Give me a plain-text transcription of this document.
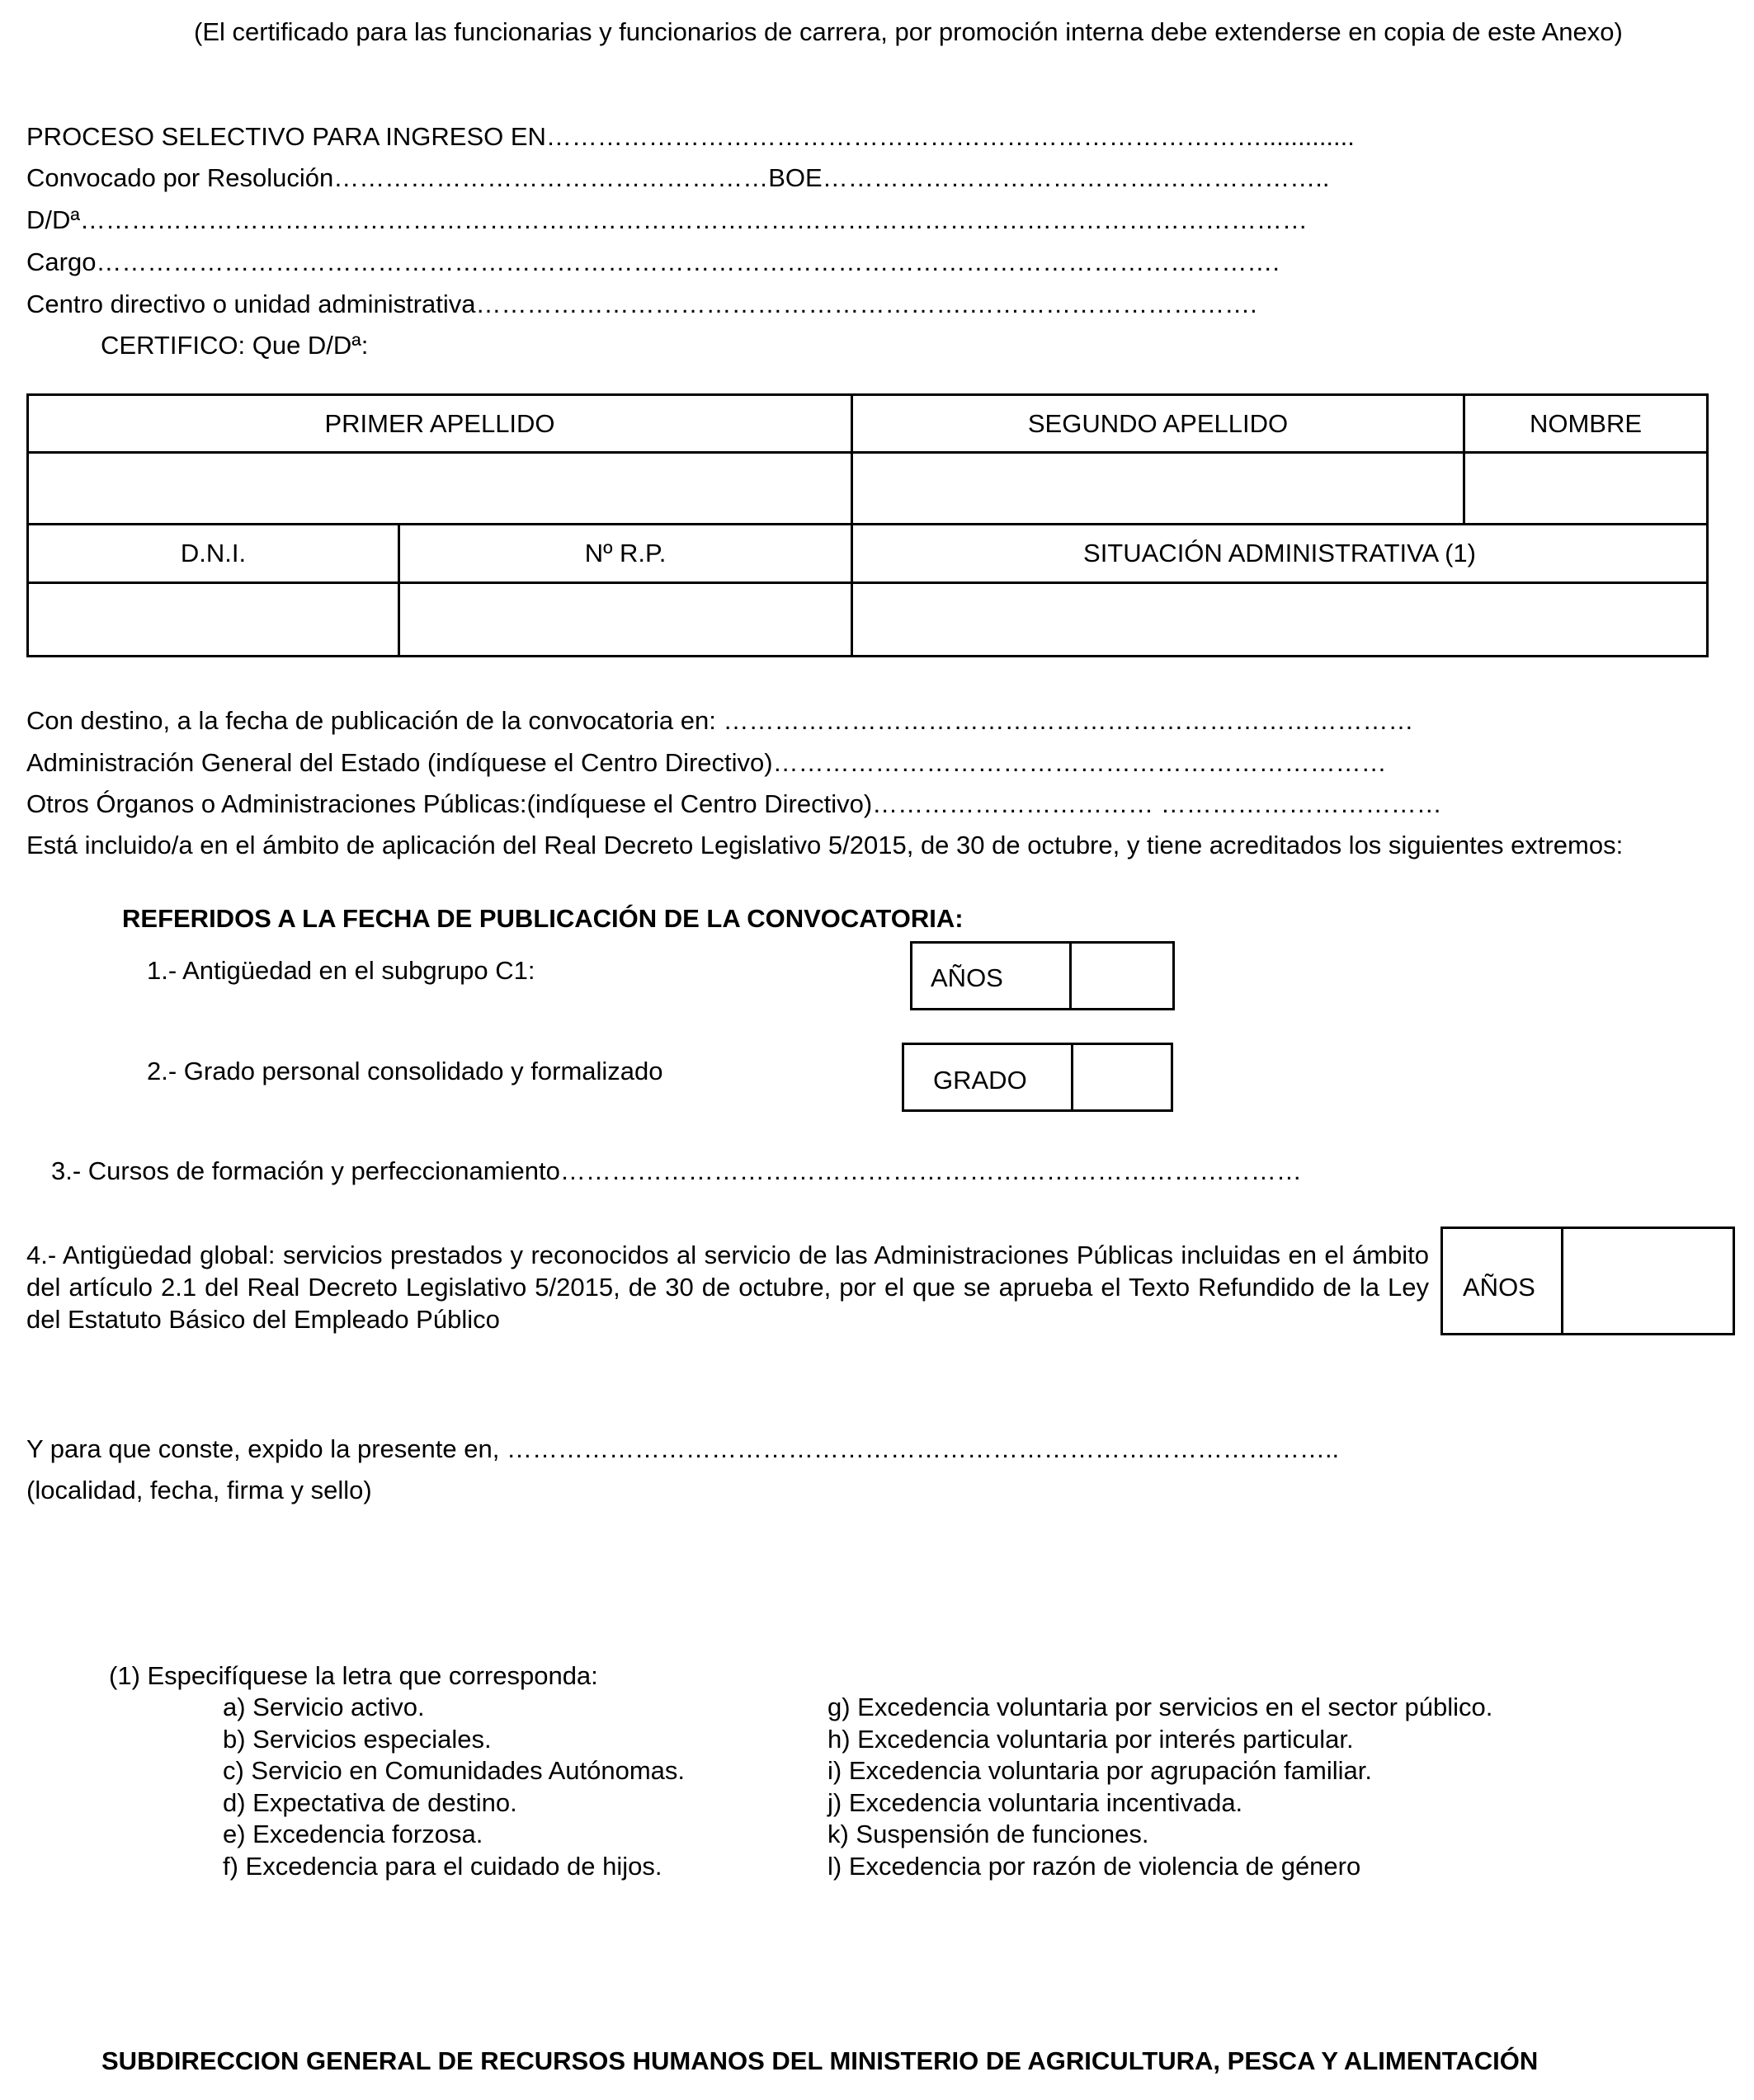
(El certificado para las funcionarias y funcionarios de carrera, por promoción interna debe extenderse en copia de este Anexo)
PROCESO SELECTIVO PARA INGRESO EN………………………………………………………………………….............
Convocado por Resolución……………………………………………BOE………………………………….………………..
D/Dª………………………………………………………………………………………………………………………………
Cargo………………………………………………………………………………………………………………………….
Centro directivo o unidad administrativa………………………………………………….…………………………….
CERTIFICO: Que D/Dª:
PRIMER APELLIDO	SEGUNDO APELLIDO	NOMBRE
D.N.I.	Nº R.P.	SITUACIÓN ADMINISTRATIVA (1)
Con destino, a la fecha de publicación de la convocatoria en: ………………………………………………………………………
Administración General del Estado (indíquese el Centro Directivo)………………………………………………………………
Otros Órganos o Administraciones Públicas:(indíquese el Centro Directivo)…………………………… ……………………………
Está incluido/a en el ámbito de aplicación del Real Decreto Legislativo 5/2015, de 30 de octubre, y tiene acreditados los siguientes extremos:
REFERIDOS A LA FECHA DE PUBLICACIÓN DE LA CONVOCATORIA:
1.- Antigüedad en el subgrupo C1:	AÑOS
2.- Grado personal consolidado y formalizado	GRADO
3.- Cursos de formación y perfeccionamiento……………………………………………………………………………
4.- Antigüedad global: servicios prestados y reconocidos al servicio de las Administraciones Públicas incluidas en el ámbito del artículo 2.1 del Real Decreto Legislativo 5/2015, de 30 de octubre, por el que se aprueba el Texto Refundido de la Ley del Estatuto Básico del Empleado Público
AÑOS
Y para que conste, expido la presente en, ……………………………………………………………………………………..
(localidad, fecha, firma y sello)
(1) Especifíquese la letra que corresponda:
a) Servicio activo.
b) Servicios especiales.
c) Servicio en Comunidades Autónomas.
d) Expectativa de destino.
e) Excedencia forzosa.
f) Excedencia para el cuidado de hijos.
g) Excedencia voluntaria por servicios en el sector público.
h) Excedencia voluntaria por interés particular.
i) Excedencia voluntaria por agrupación familiar.
j) Excedencia voluntaria incentivada.
k) Suspensión de funciones.
l) Excedencia por razón de violencia de género
SUBDIRECCION GENERAL DE RECURSOS HUMANOS DEL MINISTERIO DE AGRICULTURA, PESCA Y ALIMENTACIÓN
